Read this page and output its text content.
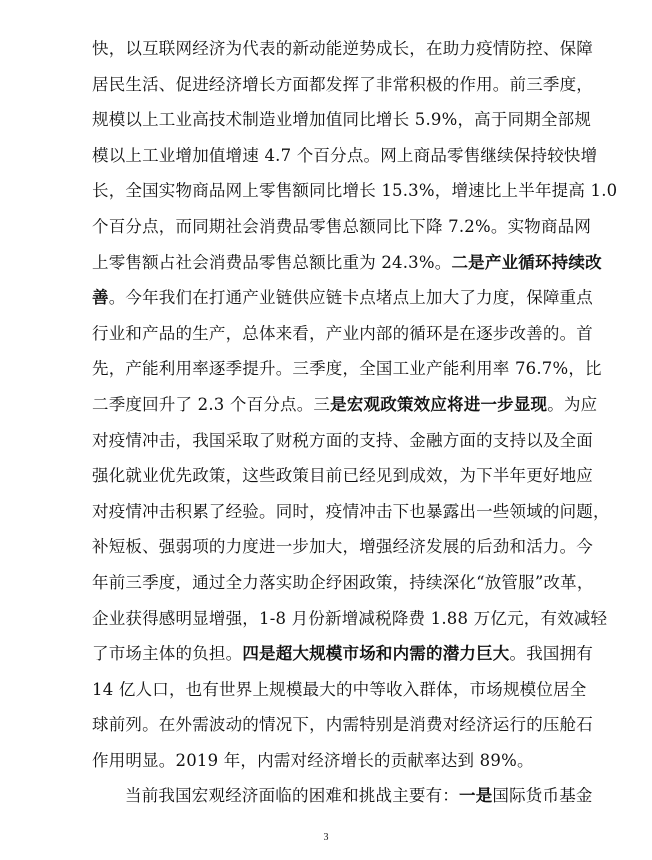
快，以互联网经济为代表的新动能逆势成长，在助力疫情防控、保障
居民生活、促进经济增长方面都发挥了非常积极的作用。前三季度，
规模以上工业高技术制造业增加值同比增长 5.9%，高于同期全部规
模以上工业增加值增速 4.7 个百分点。网上商品零售继续保持较快增
长，全国实物商品网上零售额同比增长 15.3%，增速比上半年提高 1.0
个百分点，而同期社会消费品零售总额同比下降 7.2%。实物商品网
上零售额占社会消费品零售总额比重为 24.3%。二是产业循环持续改
善。今年我们在打通产业链供应链卡点堵点上加大了力度，保障重点
行业和产品的生产，总体来看，产业内部的循环是在逐步改善的。首
先，产能利用率逐季提升。三季度，全国工业产能利用率 76.7%，比
二季度回升了 2.3 个百分点。三是宏观政策效应将进一步显现。为应
对疫情冲击，我国采取了财税方面的支持、金融方面的支持以及全面
强化就业优先政策，这些政策目前已经见到成效，为下半年更好地应
对疫情冲击积累了经验。同时，疫情冲击下也暴露出一些领域的问题，
补短板、强弱项的力度进一步加大，增强经济发展的后劲和活力。今
年前三季度，通过全力落实助企纾困政策，持续深化“放管服”改革，
企业获得感明显增强，1-8 月份新增减税降费 1.88 万亿元，有效减轻
了市场主体的负担。四是超大规模市场和内需的潜力巨大。我国拥有
14 亿人口，也有世界上规模最大的中等收入群体，市场规模位居全
球前列。在外需波动的情况下，内需特别是消费对经济运行的压舱石
作用明显。2019 年，内需对经济增长的贡献率达到 89%。
当前我国宏观经济面临的困难和挑战主要有：一是国际货币基金
3
